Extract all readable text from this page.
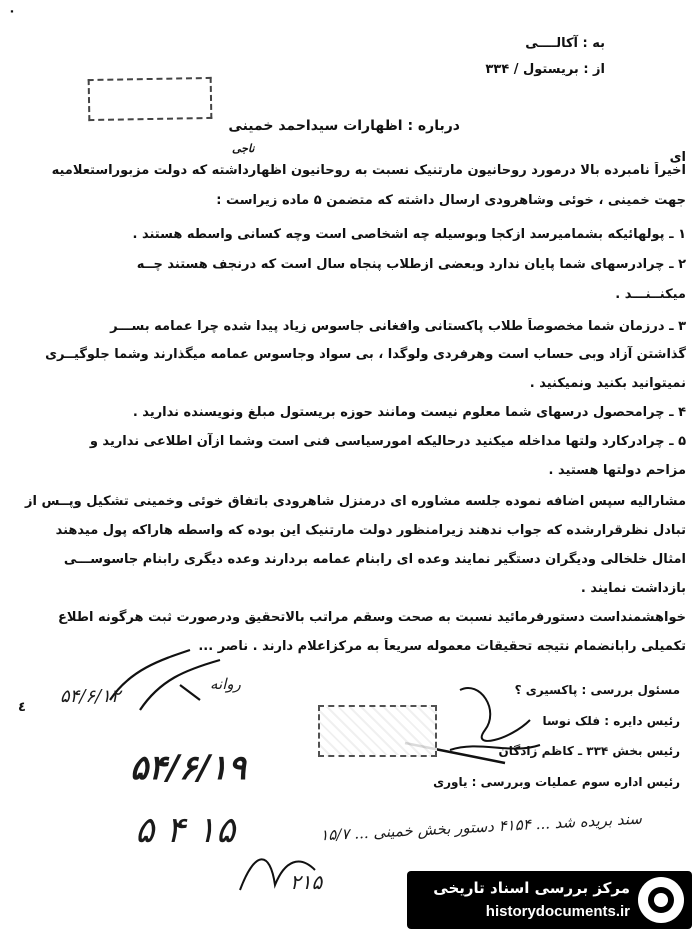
٠
به : آکالــــی
از : بریستول / ۳۳۴
درباره : اظهارات سیداحمد خمینی
ناجی
ای
اخیراً نامبرده بالا درمورد روحانیون مارتنیک نسبت به روحانیون اظهارداشته که دولت مزبوراستعلامیه
جهت خمینی ، خوئی وشاهرودی ارسال داشته که متضمن ۵ ماده زیراست :
۱ ـ پولهائیکه بشماميرسد ازکجا وبوسیله چه اشخاصی است وچه کسانی واسطه هستند .
۲ ـ چرادرسهای شما پایان ندارد وبعضی ازطلاب پنجاه سال است که درنجف هستند چــه
میکنــنـــد .
۳ ـ درزمان شما مخصوصاً طلاب پاکستانی وافغانی جاسوس زیاد پیدا شده چرا عمامه بســـر
گذاشتن آزاد وبی حساب است وهرفردی ولوگدا ، بی سواد وجاسوس عمامه میگذارند وشما جلوگیــری
نمیتوانید بکنید ونمیکنید .
۴ ـ چرامحصول درسهای شما معلوم نیست ومانند حوزه بریستول مبلغ ونویسنده ندارید .
۵ ـ چرادرکارد ولتها مداخله میکنید درحالیکه امورسیاسی فنی است وشما ازآن اطلاعی ندارید و
مزاحم دولتها هستید .
مشارالیه سپس اضافه نموده جلسه مشاوره ای درمنزل شاهرودی باتفاق خوئی وخمینی تشکیل وپــس از
تبادل نظرقرارشده که جواب ندهند زیرامنظور دولت مارتنیک این بوده که واسطه هاراکه پول میدهند
امثال خلخالی ودیگران دستگیر نمایند وعده ای رابنام عمامه بردارند وعده دیگری رابنام جاسوســـی
بازداشت نمایند .
خواهشمنداست دستورفرمائید نسبت به صحت وسقم مراتب بالاتحقیق ودرصورت ثبت هرگونه اطلاع
تکمیلی رابانضمام نتیجه تحقیقات معموله سریعاً به مرکزاعلام دارند . ناصر ...
٤
۵۴/۶/۱۲
روانه	مسئول بررسی : پاکسیری ؟
رئیس دایره : فلک نوسا
رئیس بخش ۳۳۴ ـ کاظم زادگان
رئیس اداره سوم عملیات وبررسی : یاوری
۵۴/۶/۱۹
۵ ۴ ۱۵	سند بریده شد ... ۴۱۵۴ دستور بخش خمینی ... ۱۵/۷
۲۱۵	مرکز بررسی اسناد تاریخی
historydocuments.ir
